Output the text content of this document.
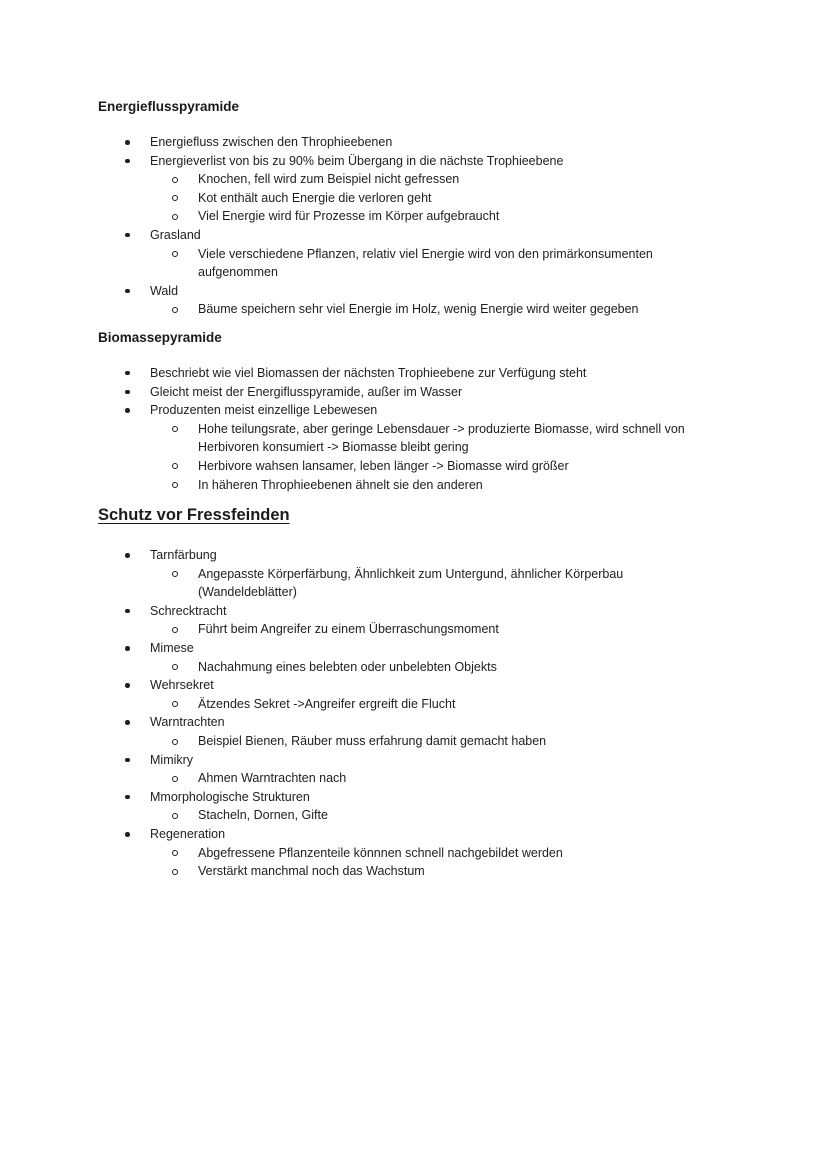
Energieflusspyramide
Energiefluss zwischen den Throphieebenen
Energieverlist von bis zu 90% beim Übergang in die nächste Trophieebene
Knochen, fell wird zum Beispiel nicht gefressen
Kot enthält auch Energie die verloren geht
Viel Energie wird für Prozesse im Körper aufgebraucht
Grasland
Viele verschiedene Pflanzen, relativ viel Energie wird von den primärkonsumenten aufgenommen
Wald
Bäume speichern sehr viel Energie im Holz, wenig Energie wird weiter gegeben
Biomassepyramide
Beschriebt wie viel Biomassen der nächsten Trophieebene zur Verfügung steht
Gleicht meist der Energiflusspyramide, außer im Wasser
Produzenten meist einzellige Lebewesen
Hohe teilungsrate, aber geringe Lebensdauer -> produzierte Biomasse, wird schnell von Herbivoren konsumiert -> Biomasse bleibt gering
Herbivore wahsen lansamer, leben länger -> Biomasse wird größer
In häheren Throphieebenen ähnelt sie den anderen
Schutz vor Fressfeinden
Tarnfärbung
Angepasste Körperfärbung, Ähnlichkeit zum Untergund, ähnlicher Körperbau (Wandeldeblätter)
Schrecktracht
Führt beim Angreifer zu einem Überraschungsmoment
Mimese
Nachahmung eines belebten oder unbelebten Objekts
Wehrsekret
Ätzendes Sekret ->Angreifer ergreift die Flucht
Warntrachten
Beispiel Bienen, Räuber muss erfahrung damit gemacht haben
Mimikry
Ahmen Warntrachten nach
Mmorphologische Strukturen
Stacheln, Dornen, Gifte
Regeneration
Abgefressene Pflanzenteile könnnen schnell nachgebildet werden
Verstärkt manchmal noch das Wachstum
